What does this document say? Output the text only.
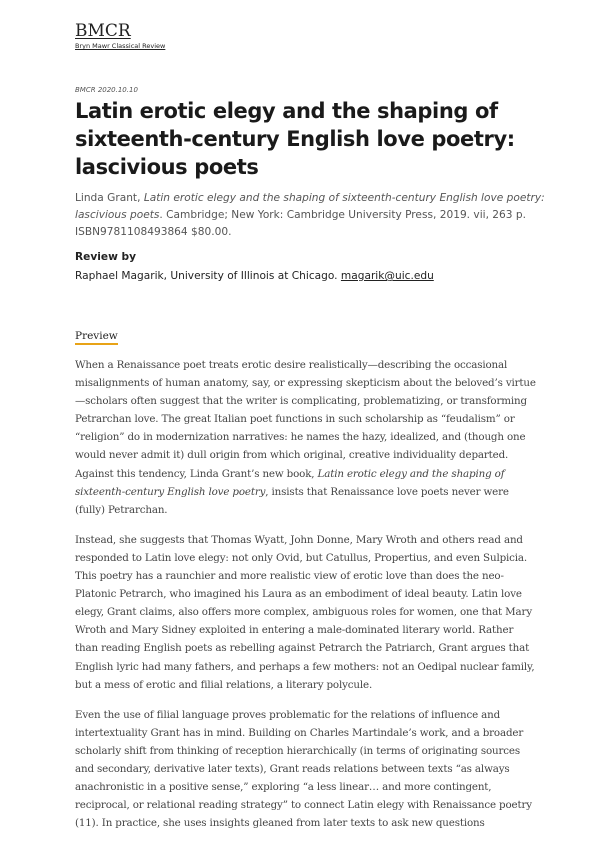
BMCR
Bryn Mawr Classical Review
BMCR 2020.10.10
Latin erotic elegy and the shaping of sixteenth-century English love poetry: lascivious poets

Linda Grant, Latin erotic elegy and the shaping of sixteenth-century English love poetry: lascivious poets. Cambridge; New York: Cambridge University Press, 2019. vii, 263 p. ISBN9781108493864 $80.00.

Review by
Raphael Magarik, University of Illinois at Chicago. magarik@uic.edu
Preview

When a Renaissance poet treats erotic desire realistically—describing the occasional misalignments of human anatomy, say, or expressing skepticism about the beloved’s virtue—scholars often suggest that the writer is complicating, problematizing, or transforming Petrarchan love. The great Italian poet functions in such scholarship as “feudalism” or “religion” do in modernization narratives: he names the hazy, idealized, and (though one would never admit it) dull origin from which original, creative individuality departed. Against this tendency, Linda Grant’s new book, Latin erotic elegy and the shaping of sixteenth-century English love poetry, insists that Renaissance love poets never were (fully) Petrarchan.

Instead, she suggests that Thomas Wyatt, John Donne, Mary Wroth and others read and responded to Latin love elegy: not only Ovid, but Catullus, Propertius, and even Sulpicia. This poetry has a raunchier and more realistic view of erotic love than does the neo-Platonic Petrarch, who imagined his Laura as an embodiment of ideal beauty. Latin love elegy, Grant claims, also offers more complex, ambiguous roles for women, one that Mary Wroth and Mary Sidney exploited in entering a male-dominated literary world. Rather than reading English poets as rebelling against Petrarch the Patriarch, Grant argues that English lyric had many fathers, and perhaps a few mothers: not an Oedipal nuclear family, but a mess of erotic and filial relations, a literary polycule.

Even the use of filial language proves problematic for the relations of influence and intertextuality Grant has in mind. Building on Charles Martindale’s work, and a broader scholarly shift from thinking of reception hierarchically (in terms of originating sources and secondary, derivative later texts), Grant reads relations between texts “as always anachronistic in a positive sense,” exploring “a less linear… and more contingent, reciprocal, or relational reading strategy” to connect Latin elegy with Renaissance poetry (11). In practice, she uses insights gleaned from later texts to ask new questions
